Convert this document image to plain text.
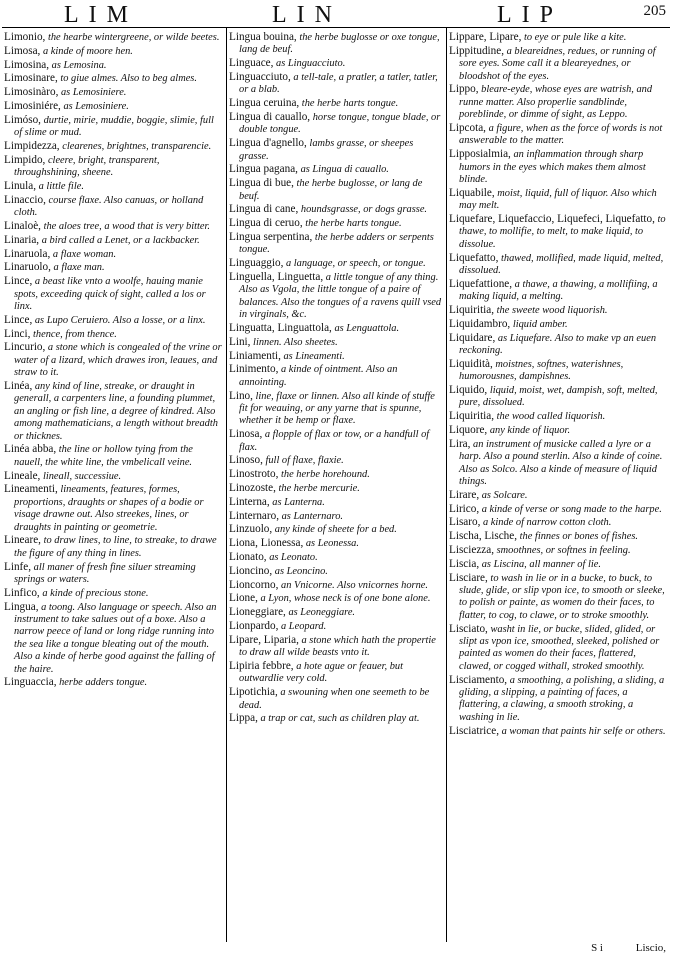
LIM	LIN	LIP	205
Limonio, the hearbe wintergreene, or wilde beetes.
Limosa, a kinde of moore hen.
Limosina, as Lemosina.
Limosinare, to giue almes. Also to beg almes.
Limosinàro, as Lemosiniere.
Limosiniére, as Lemosiniere.
Limóso, durtie, mirie, muddie, boggie, slimie, full of slime or mud.
Limpidezza, clearenes, brightnes, transparencie.
Limpido, cleere, bright, transparent, throughshining, sheene.
Linula, a little file.
Linaccio, course flaxe. Also canuas, or holland cloth.
Linaloè, the aloes tree, a wood that is very bitter.
Linaria, a bird called a Lenet, or a lackbacker.
Linaruola, a flaxe woman.
Linaruolo, a flaxe man.
Lince, a beast like vnto a woolfe, hauing manie spots, exceeding quick of sight, called a los or linx.
Lince, as Lupo Ceruiero. Also a losse, or a linx.
Linci, thence, from thence.
Lincurio, a stone which is congealed of the vrine or water of a lizard, which drawes iron, leaues, and straw to it.
Linéa, any kind of line, streake, or draught in generall, a carpenters line, a founding plummet, an angling or fish line, a degree of kindred. Also among mathematicians, a length without breadth or thicknes.
Linéa abba, the line or hollow tying from the nauell, the white line, the vmbelicall veine.
Lineale, lineall, successiue.
Lineamenti, lineaments, features, formes, proportions, draughts or shapes of a bodie or visage drawne out. Also streekes, lines, or draughts in painting or geometrie.
Lineare, to draw lines, to line, to streake, to drawe the figure of any thing in lines.
Linfe, all maner of fresh fine siluer streaming springs or waters.
Linfico, a kinde of precious stone.
Lingua, a toong. Also language or speech. Also an instrument to take salues out of a boxe. Also a narrow peece of land or long ridge running into the sea like a tongue bleating out of the mouth. Also a kinde of herbe good against the falling of the haire.
Linguaccia, herbe adders tongue.
Lingua bouina, the herbe buglosse or oxe tongue, lang de beuf.
Linguace, as Linguacciuto.
Linguacciuto, a tell-tale, a pratler, a tatler, tatler, or a blab.
Lingua ceruina, the herbe harts tongue.
Lingua di cauallo, horse tongue, tongue blade, or double tongue.
Lingua d'agnello, lambs grasse, or sheepes grasse.
Lingua pagana, as Lingua di cauallo.
Lingua di bue, the herbe buglosse, or lang de beuf.
Lingua di cane, houndsgrasse, or dogs grasse.
Lingua di ceruo, the herbe harts tongue.
Lingua serpentina, the herbe adders or serpents tongue.
Linguaggio, a language, or speech, or tongue.
Linguella, Linguetta, a little tongue of any thing. Also as Vgola, the little tongue of a paire of balances. Also the tongues of a ravens quill vsed in virginals, &c.
Linguatta, Linguattola, as Lenguattola.
Lini, linnen. Also sheetes.
Liniamenti, as Lineamenti.
Linimento, a kinde of ointment. Also an annointing.
Lino, line, flaxe or linnen. Also all kinde of stuffe fit for weauing, or any yarne that is spunne, whether it be hemp or flaxe.
Linosa, a flopple of flax or tow, or a handfull of flax.
Linoso, full of flaxe, flaxie.
Linostroto, the herbe horehound.
Linozoste, the herbe mercurie.
Linterna, as Lanterna.
Linternaro, as Lanternaro.
Linzuolo, any kinde of sheete for a bed.
Liona, Lionessa, as Leonessa.
Lionato, as Leonato.
Lioncino, as Leoncino.
Lioncorno, an Vnicorne. Also vnicornes horne.
Lione, a Lyon, whose neck is of one bone alone.
Lioneggiare, as Leoneggiare.
Lionpardo, a Leopard.
Lipare, Liparia, a stone which hath the propertie to draw all wilde beasts vnto it.
Lipiria febbre, a hote ague or feauer, but outwardlie very cold.
Lipotichia, a swouning when one seemeth to be dead.
Lippa, a trap or cat, such as children play at.
Lippare, Lipare, to eye or pule like a kite.
Lippitudine, a bleareidnes, redues, or running of sore eyes. Some call it a bleareyednes, or bloodshot of the eyes.
Lippo, bleare-eyde, whose eyes are watrish, and runne matter. Also properlie sandblinde, poreblinde, or dimme of sight, as Leppo.
Lipcota, a figure, when as the force of words is not answerable to the matter.
Lipposialmia, an inflammation through sharp humors in the eyes which makes them almost blinde.
Liquabile, moist, liquid, full of liquor. Also which may melt.
Liquefare, Liquefaccio, Liquefeci, Liquefatto, to thawe, to mollifie, to melt, to make liquid, to dissolue.
Liquefatto, thawed, mollified, made liquid, melted, dissolued.
Liquefattione, a thawe, a thawing, a mollifiing, a making liquid, a melting.
Liquiritia, the sweete wood liquorish.
Liquidambro, liquid amber.
Liquidare, as Liquefare. Also to make vp an euen reckoning.
Liquidità, moistnes, softnes, waterishnes, humorousnes, dampishnes.
Liquido, liquid, moist, wet, dampish, soft, melted, pure, dissolued.
Liquiritia, the wood called liquorish.
Liquore, any kinde of liquor.
Lira, an instrument of musicke called a lyre or a harp. Also a pound sterlin. Also a kinde of coine. Also as Solco. Also a kinde of measure of liquid things.
Lirare, as Solcare.
Lirico, a kinde of verse or song made to the harpe.
Lisaro, a kinde of narrow cotton cloth.
Lischa, Lische, the finnes or bones of fishes.
Lisciezza, smoothnes, or softnes in feeling.
Liscia, as Liscina, all manner of lie.
Lisciare, to wash in lie or in a bucke, to buck, to slude, glide, or slip vpon ice, to smooth or sleeke, to polish or painte, as women do their faces, to flatter, to cog, to clawe, or to stroke smoothly.
Lisciato, washt in lie, or bucke, slided, glided, or slipt as vpon ice, smoothed, sleeked, polished or painted as women do their faces, flattered, clawed, or cogged withall, stroked smoothly.
Lisciamento, a smoothing, a polishing, a sliding, a gliding, a slipping, a painting of faces, a flattering, a clawing, a smooth stroking, a washing in lie.
Lisciatrice, a woman that paints hir selfe or others.
S i	Liscio,
